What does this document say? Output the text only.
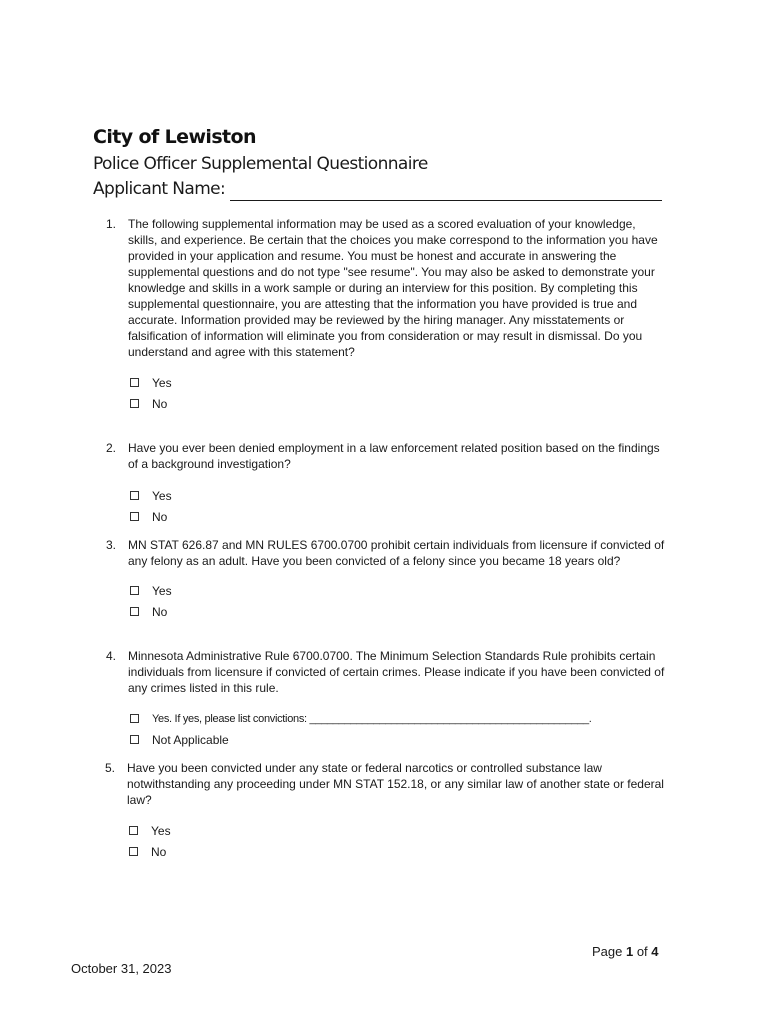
City of Lewiston

Police Officer Supplemental Questionnaire

Applicant Name:

1. The following supplemental information may be used as a scored evaluation of your knowledge, skills, and experience. Be certain that the choices you make correspond to the information you have provided in your application and resume. You must be honest and accurate in answering the supplemental questions and do not type "see resume". You may also be asked to demonstrate your knowledge and skills in a work sample or during an interview for this position. By completing this supplemental questionnaire, you are attesting that the information you have provided is true and accurate. Information provided may be reviewed by the hiring manager. Any misstatements or falsification of information will eliminate you from consideration or may result in dismissal. Do you understand and agree with this statement?

Yes
No
2. Have you ever been denied employment in a law enforcement related position based on the findings of a background investigation?

Yes
No
3. MN STAT 626.87 and MN RULES 6700.0700 prohibit certain individuals from licensure if convicted of any felony as an adult. Have you been convicted of a felony since you became 18 years old?

Yes
No
4. Minnesota Administrative Rule 6700.0700. The Minimum Selection Standards Rule prohibits certain individuals from licensure if convicted of certain crimes. Please indicate if you have been convicted of any crimes listed in this rule.

Yes. If yes, please list convictions: ________________________________________________.
Not Applicable
5. Have you been convicted under any state or federal narcotics or controlled substance law notwithstanding any proceeding under MN STAT 152.18, or any similar law of another state or federal law?

Yes
No
Page 1 of 4
October 31, 2023
